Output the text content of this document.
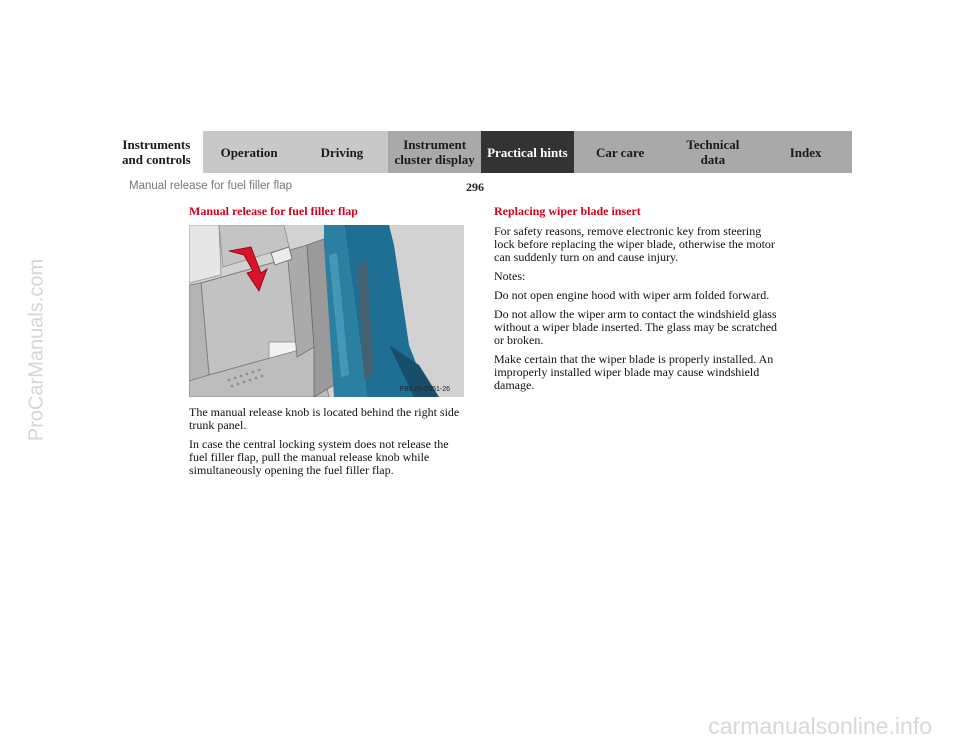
ProCarManuals.com
Instruments
and controls Operation	Driving	Instrument
cluster display Practical hints Car care	Technical
data	Index
Manual release for fuel filler flap	296
Manual release for fuel filler flap
P80.20-2051-26

The manual release knob is located behind the right side trunk panel.

In case the central locking system does not release the fuel filler flap, pull the manual release knob while simultaneously opening the fuel filler flap.

Replacing wiper blade insert

For safety reasons, remove electronic key from steering lock before replacing the wiper blade, otherwise the motor can suddenly turn on and cause injury.

Notes:

Do not open engine hood with wiper arm folded forward.

Do not allow the wiper arm to contact the windshield glass without a wiper blade inserted. The glass may be scratched or broken.

Make certain that the wiper blade is properly installed. An improperly installed wiper blade may cause windshield damage.

carmanualsonline.info
